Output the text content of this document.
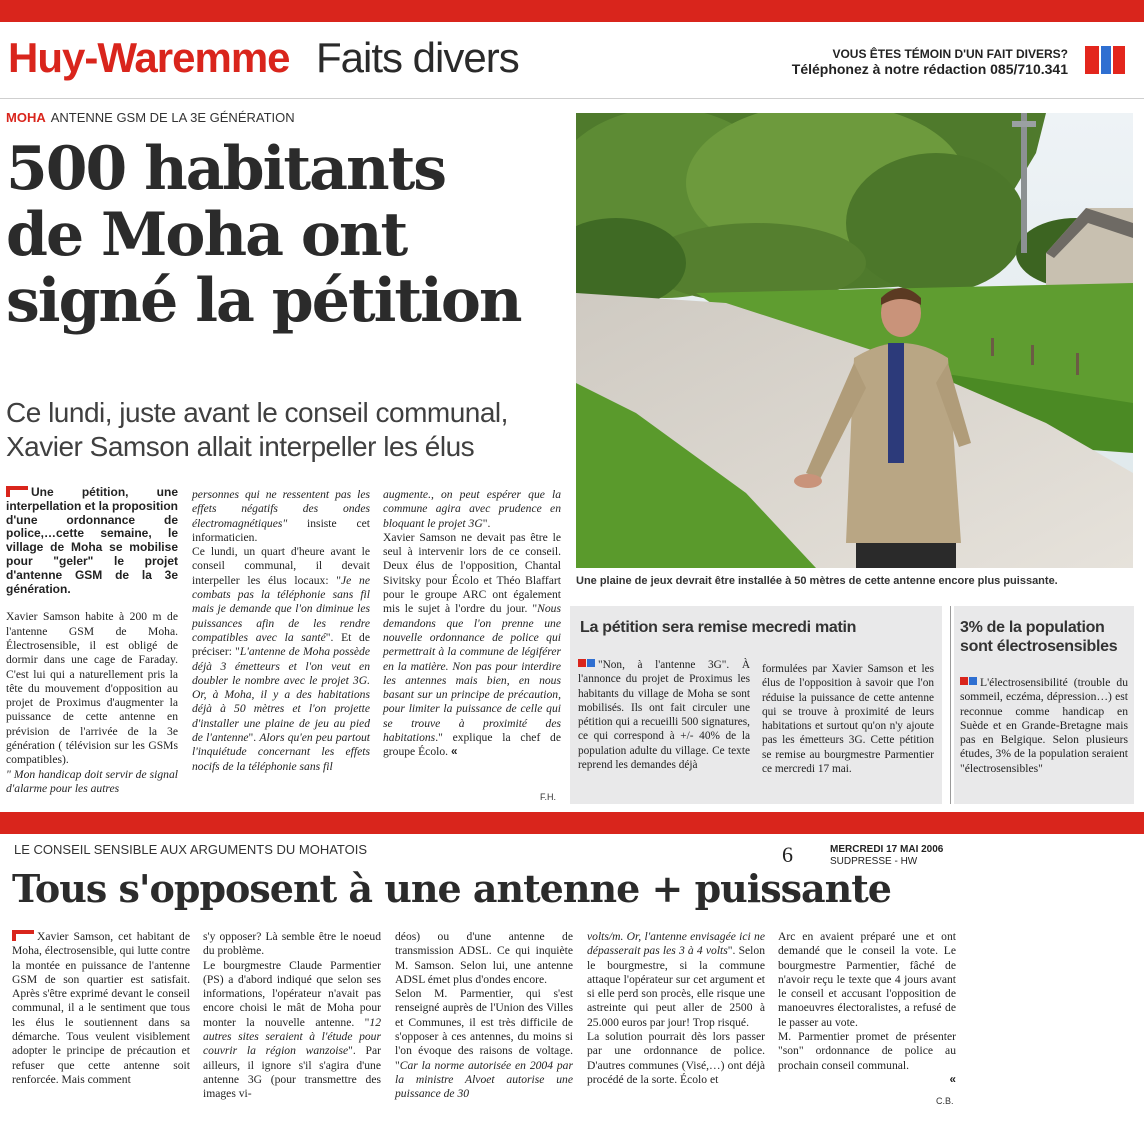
Huy-Waremme Faits divers	VOUS ÊTES TÉMOIN D'UN FAIT DIVERS?
Téléphonez à notre rédaction 085/710.341
MOHA ANTENNE GSM DE LA 3E GÉNÉRATION
500 habitants
de Moha ont
signé la pétition
Ce lundi, juste avant le conseil communal,
Xavier Samson allait interpeller les élus
Une plaine de jeux devrait être installée à 50 mètres de cette antenne encore plus puissante.

Une pétition, une interpellation et la proposition d'une ordonnance de police,…cette semaine, le village de Moha se mobilise pour "geler" le projet d'antenne GSM de la 3e génération.

Xavier Samson habite à 200 m de l'antenne GSM de Moha. Électrosensible, il est obligé de dormir dans une cage de Faraday. C'est lui qui a naturellement pris la tête du mouvement d'opposition au projet de Proximus d'augmenter la puissance de cette antenne en prévision de l'arrivée de la 3e génération ( télévision sur les GSMs compatibles).

" Mon handicap doit servir de signal d'alarme pour les autres

personnes qui ne ressentent pas les effets négatifs des ondes électromagnétiques" insiste cet informaticien.

Ce lundi, un quart d'heure avant le conseil communal, il devait interpeller les élus locaux: "Je ne combats pas la téléphonie sans fil mais je demande que l'on diminue les puissances afin de les rendre compatibles avec la santé". Et de préciser: "L'antenne de Moha possède déjà 3 émetteurs et l'on veut en doubler le nombre avec le projet 3G. Or, à Moha, il y a des habitations déjà à 50 mètres et l'on projette d'installer une plaine de jeu au pied de l'antenne". Alors qu'en peu partout l'inquiétude concernant les effets nocifs de la téléphonie sans fil

augmente., on peut espérer que la commune agira avec prudence en bloquant le projet 3G".

Xavier Samson ne devait pas être le seul à intervenir lors de ce conseil. Deux élus de l'opposition, Chantal Sivitsky pour Écolo et Théo Blaffart pour le groupe ARC ont également mis le sujet à l'ordre du jour. "Nous demandons que l'on prenne une nouvelle ordonnance de police qui permettrait à la commune de légiférer en la matière. Non pas pour interdire les antennes mais bien, en nous basant sur un principe de précaution, pour limiter la puissance de celle qui se trouve à proximité des habitations." explique la chef de groupe Écolo. «

F.H.
La pétition sera remise mecredi matin

"Non, à l'antenne 3G". À l'annonce du projet de Proximus les habitants du village de Moha se sont mobilisés. Ils ont fait circuler une pétition qui a recueilli 500 signatures, ce qui correspond à +/- 40% de la population adulte du village. Ce texte reprend les demandes déjà

formulées par Xavier Samson et les élus de l'opposition à savoir que l'on réduise la puissance de cette antenne qui se trouve à proximité de leurs habitations et surtout qu'on n'y ajoute pas les émetteurs 3G. Cette pétition se remise au bourgmestre Parmentier ce mercredi 17 mai.
3% de la population sont électrosensibles

L'électrosensibilité (trouble du sommeil, eczéma, dépression…) est reconnue comme handicap en Suède et en Grande-Bretagne mais pas en Belgique. Selon plusieurs études, 3% de la population seraient "électrosensibles"

LE CONSEIL SENSIBLE AUX ARGUMENTS DU MOHATOIS	6	MERCREDI 17 MAI 2006
SUDPRESSE - HW
Tous s'opposent à une antenne + puissante

Xavier Samson, cet habitant de Moha, électrosensible, qui lutte contre la montée en puissance de l'antenne GSM de son quartier est satisfait. Après s'être exprimé devant le conseil communal, il a le sentiment que tous les élus le soutiennent dans sa démarche. Tous veulent visiblement adopter le principe de précaution et refuser que cette antenne soit renforcée. Mais comment

s'y opposer? Là semble être le noeud du problème.

Le bourgmestre Claude Parmentier (PS) a d'abord indiqué que selon ses informations, l'opérateur n'avait pas encore choisi le mât de Moha pour monter la nouvelle antenne. "12 autres sites seraient à l'étude pour couvrir la région wanzoise". Par ailleurs, il ignore s'il s'agira d'une antenne 3G (pour transmettre des images vi-

déos) ou d'une antenne de transmission ADSL. Ce qui inquiète M. Samson. Selon lui, une antenne ADSL émet plus d'ondes encore.

Selon M. Parmentier, qui s'est renseigné auprès de l'Union des Villes et Communes, il est très difficile de s'opposer à ces antennes, du moins si l'on évoque des raisons de voltage. "Car la norme autorisée en 2004 par la ministre Alvoet autorise une puissance de 30

volts/m. Or, l'antenne envisagée ici ne dépasserait pas les 3 à 4 volts". Selon le bourgmestre, si la commune attaque l'opérateur sur cet argument et si elle perd son procès, elle risque une astreinte qui peut aller de 2500 à 25.000 euros par jour! Trop risqué.

La solution pourrait dès lors passer par une ordonnance de police. D'autres communes (Visé,…) ont déjà procédé de la sorte. Écolo et

Arc en avaient préparé une et ont demandé que le conseil la vote. Le bourgmestre Parmentier, fâché de n'avoir reçu le texte que 4 jours avant le conseil et accusant l'opposition de manoeuvres électoralistes, a refusé de le passer au vote.

M. Parmentier promet de présenter "son" ordonnance de police au prochain conseil communal.

«

C.B.
